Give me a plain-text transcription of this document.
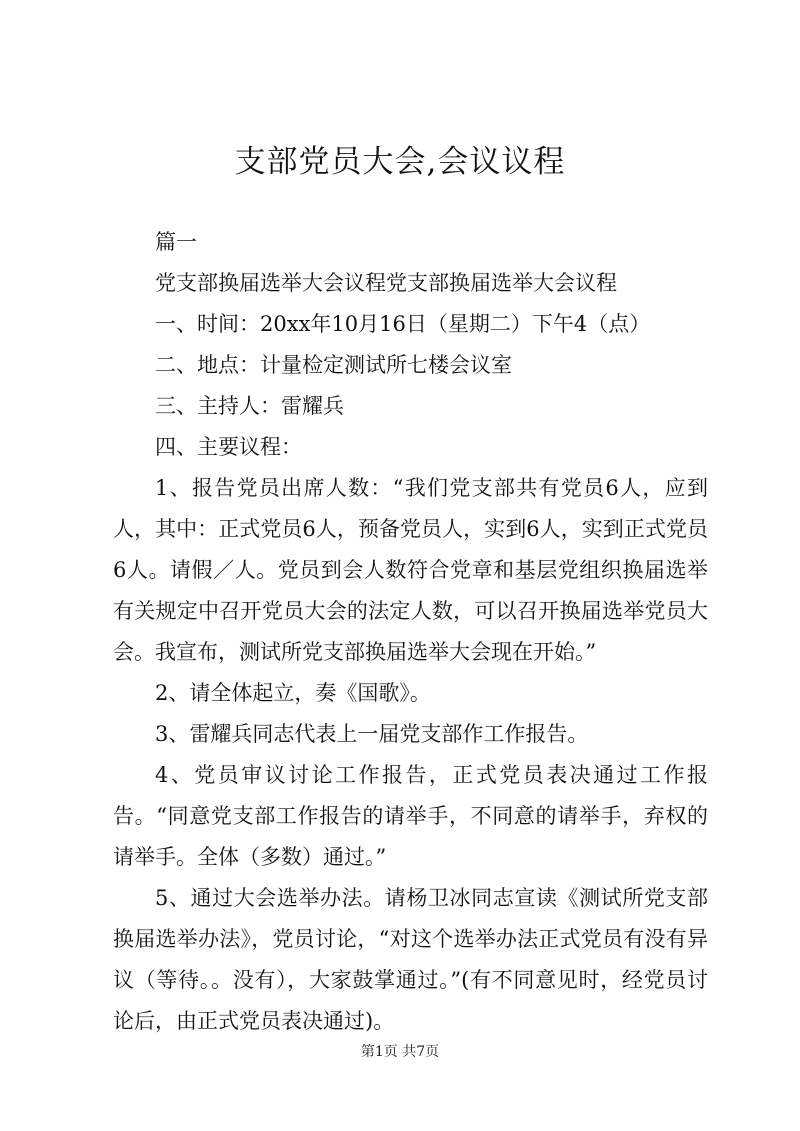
支部党员大会,会议议程

篇一

党支部换届选举大会议程党支部换届选举大会议程

一、时间：20xx年10月16日（星期二）下午4（点）

二、地点：计量检定测试所七楼会议室

三、主持人：雷耀兵

四、主要议程：

1、报告党员出席人数：“我们党支部共有党员6人，应到人，其中：正式党员6人，预备党员人，实到6人，实到正式党员6人。请假／人。党员到会人数符合党章和基层党组织换届选举有关规定中召开党员大会的法定人数，可以召开换届选举党员大会。我宣布，测试所党支部换届选举大会现在开始。”

2、请全体起立，奏《国歌》。

3、雷耀兵同志代表上一届党支部作工作报告。

4、党员审议讨论工作报告，正式党员表决通过工作报告。“同意党支部工作报告的请举手，不同意的请举手，弃权的请举手。全体（多数）通过。”

5、通过大会选举办法。请杨卫冰同志宣读《测试所党支部换届选举办法》，党员讨论，“对这个选举办法正式党员有没有异议（等待。。没有），大家鼓掌通过。”(有不同意见时，经党员讨论后，由正式党员表决通过)。

第1页 共7页
